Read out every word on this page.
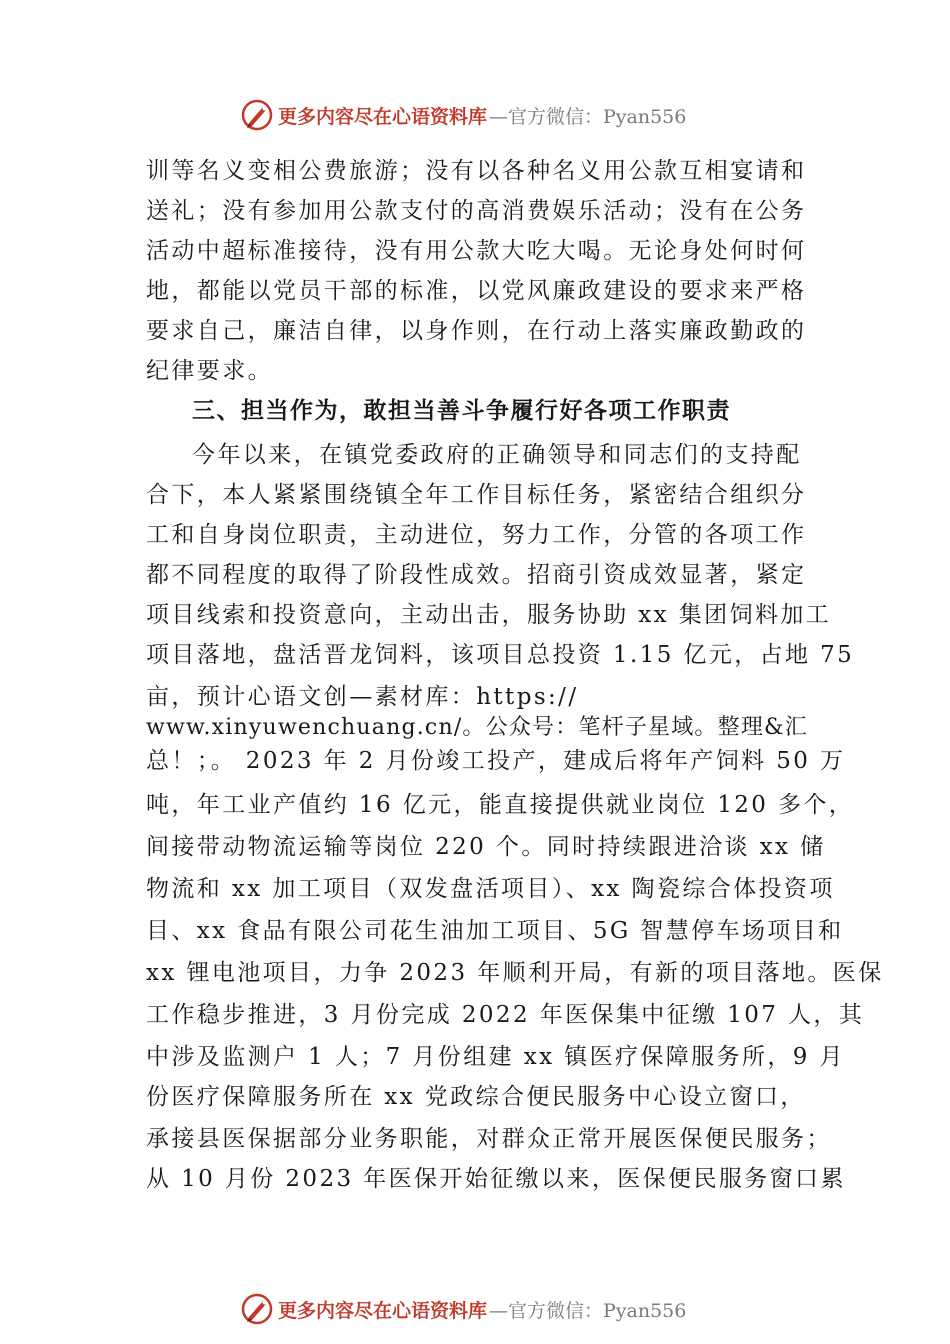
更多内容尽在心语资料库 —官方微信：Pyan556
训等名义变相公费旅游；没有以各种名义用公款互相宴请和
送礼；没有参加用公款支付的高消费娱乐活动；没有在公务
活动中超标准接待，没有用公款大吃大喝。无论身处何时何
地，都能以党员干部的标准，以党风廉政建设的要求来严格
要求自己，廉洁自律，以身作则，在行动上落实廉政勤政的
纪律要求。
三、担当作为，敢担当善斗争履行好各项工作职责
今年以来，在镇党委政府的正确领导和同志们的支持配
合下，本人紧紧围绕镇全年工作目标任务，紧密结合组织分
工和自身岗位职责，主动进位，努力工作，分管的各项工作
都不同程度的取得了阶段性成效。招商引资成效显著，紧定
项目线索和投资意向，主动出击，服务协助 xx 集团饲料加工
项目落地，盘活晋龙饲料，该项目总投资 1.15 亿元，占地 75
亩，预计心语文创—素材库：https://
www.xinyuwenchuang.cn/。公众号：笔杆子星域。整理&汇
总！；。 2023 年 2 月份竣工投产，建成后将年产饲料 50 万
吨，年工业产值约 16 亿元，能直接提供就业岗位 120 多个，
间接带动物流运输等岗位 220 个。同时持续跟进洽谈 xx 储
物流和 xx 加工项目（双发盘活项目）、xx 陶瓷综合体投资项
目、xx 食品有限公司花生油加工项目、5G 智慧停车场项目和
xx 锂电池项目，力争 2023 年顺利开局，有新的项目落地。医保
工作稳步推进，3 月份完成 2022 年医保集中征缴 107 人，其
中涉及监测户 1 人；7 月份组建 xx 镇医疗保障服务所，9 月
份医疗保障服务所在 xx 党政综合便民服务中心设立窗口，
承接县医保据部分业务职能，对群众正常开展医保便民服务；
从 10 月份 2023 年医保开始征缴以来，医保便民服务窗口累
更多内容尽在心语资料库 —官方微信：Pyan556
